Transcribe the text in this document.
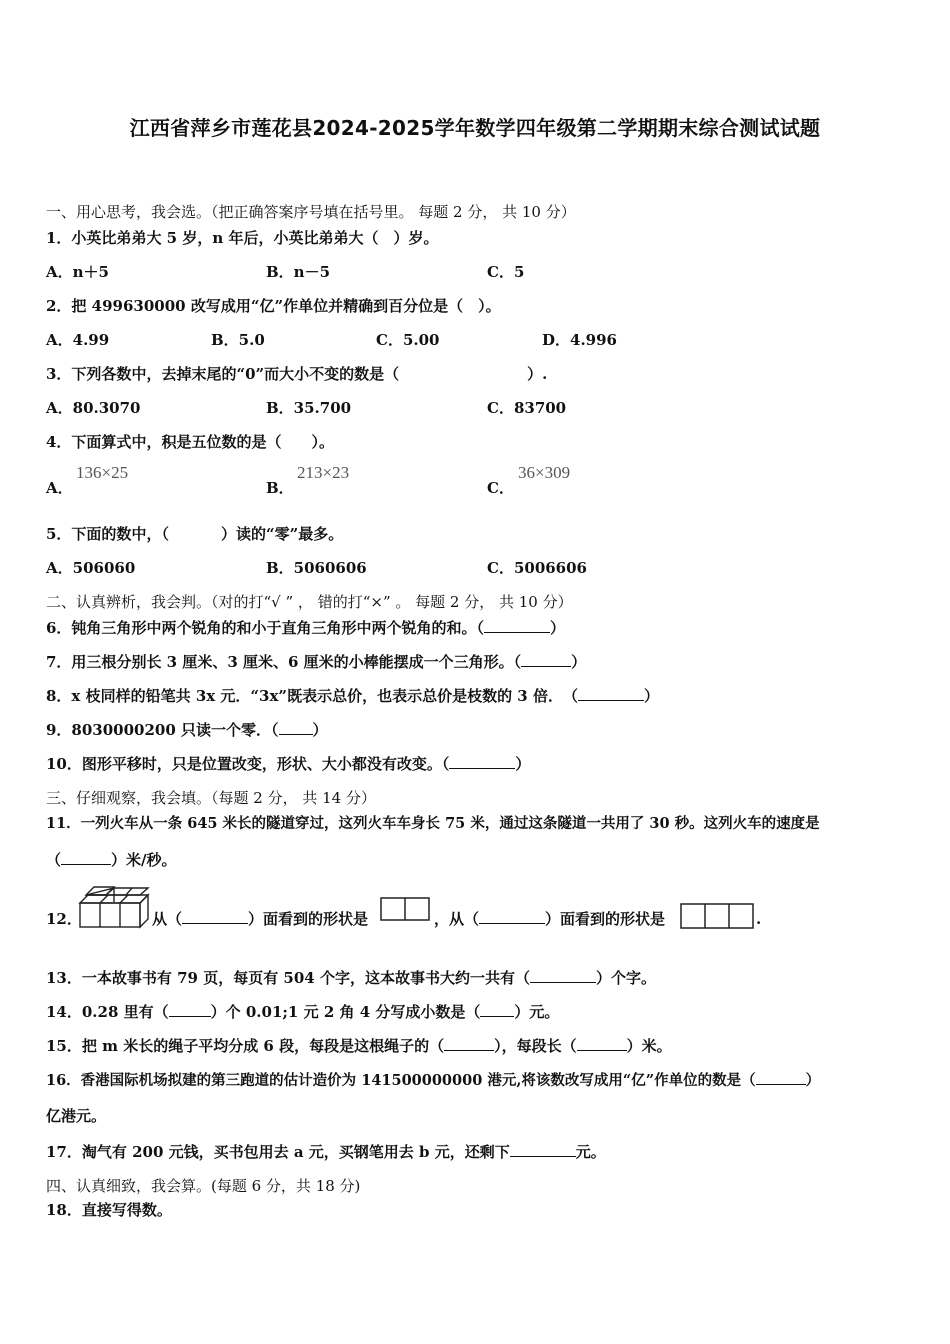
江西省萍乡市莲花县2024-2025学年数学四年级第二学期期末综合测试试题
一、用心思考，我会选。（把正确答案序号填在括号里。 每题 2 分， 共 10 分）
1．小英比弟弟大 5 岁，n 年后，小英比弟弟大（　）岁。
A．n＋5	B．n－5	C．5
2．把 499630000 改写成用“亿”作单位并精确到百分位是（　）。
A．4.99	B．5.0	C．5.00	D．4.996
3．下列各数中，去掉末尾的“0”而大小不变的数是（	）.
A．80.3070	B．35.700	C．83700
4．下面算式中，积是五位数的是（　　）。
A．
136×25
B．
213×23
C．
36×309
5．下面的数中，（	）读的“零”最多。
A．506060	B．5060606	C．5006606
二、认真辨析，我会判。（对的打“√ ” ， 错的打“×” 。 每题 2 分， 共 10 分）
6．钝角三角形中两个锐角的和小于直角三角形中两个锐角的和。（	）
7．用三根分别长 3 厘米、3 厘米、6 厘米的小棒能摆成一个三角形。（	）
8．x 枝同样的铅笔共 3x 元．“3x”既表示总价，也表示总价是枝数的 3 倍．　（	）
9．8030000200 只读一个零．（ ）
10．图形平移时，只是位置改变，形状、大小都没有改变。（	）
三、仔细观察，我会填。（每题 2 分， 共 14 分）
11．一列火车从一条 645 米长的隧道穿过，这列火车车身长 75 米，通过这条隧道一共用了 30 秒。这列火车的速度是
（	）米/秒。
12．	从（	）面看到的形状是	，从（	）面看到的形状是	.
13．一本故事书有 79 页，每页有 504 个字，这本故事书大约一共有（	）个字。
14．0.28 里有（	）个 0.01;1 元 2 角 4 分写成小数是（ ）元。
15．把 m 米长的绳子平均分成 6 段，每段是这根绳子的（	），每段长（	）米。
16．香港国际机场拟建的第三跑道的估计造价为 141500000000 港元,将该数改写成用“亿”作单位的数是（	）
亿港元。
17．淘气有 200 元钱，买书包用去 a 元，买钢笔用去 b 元，还剩下	元。
四、认真细致，我会算。(每题 6 分，共 18 分)
18．直接写得数。
